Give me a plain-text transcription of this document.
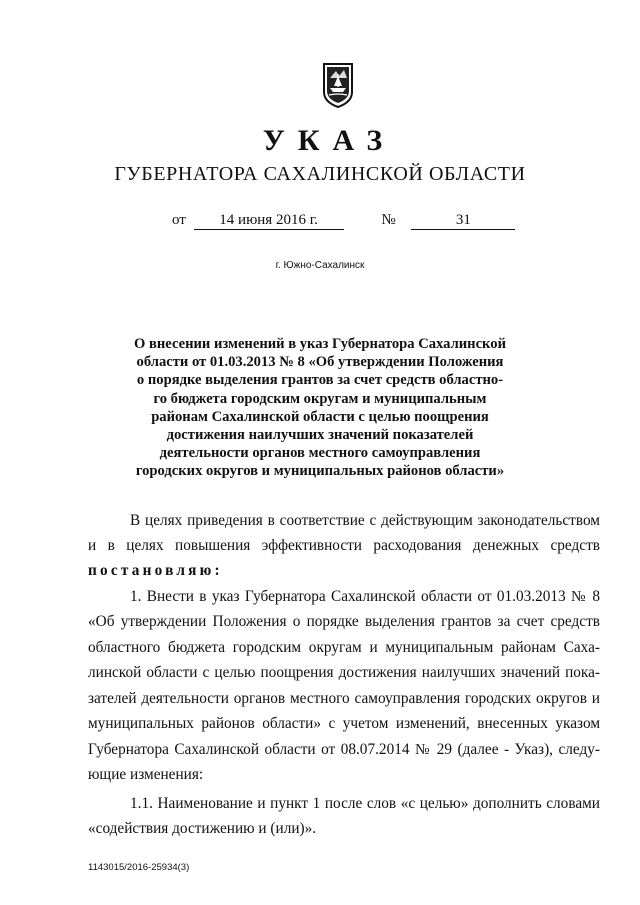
УКАЗ
ГУБЕРНАТОРА САХАЛИНСКОЙ ОБЛАСТИ
от 14 июня 2016 г.	№	31
г. Южно-Сахалинск
О внесении изменений в указ Губернатора Сахалинской
области от 01.03.2013 № 8 «Об утверждении Положения
о порядке выделения грантов за счет средств областно-
го бюджета городским округам и муниципальным
районам Сахалинской области с целью поощрения
достижения наилучших значений показателей
деятельности органов местного самоуправления
городских округов и муниципальных районов области»
В целях приведения в соответствие с действующим законодательством
и в целях повышения эффективности расходования денежных средств
постановляю:
1. Внести в указ Губернатора Сахалинской области от 01.03.2013 № 8
«Об утверждении Положения о порядке выделения грантов за счет средств
областного бюджета городским округам и муниципальным районам Саха-
линской области с целью поощрения достижения наилучших значений пока-
зателей деятельности органов местного самоуправления городских округов и
муниципальных районов области» с учетом изменений, внесенных указом
Губернатора Сахалинской области от 08.07.2014 № 29 (далее - Указ), следу-
ющие изменения:
1.1. Наименование и пункт 1 после слов «с целью» дополнить словами
«содействия достижению и (или)».
1143015/2016-25934(3)
